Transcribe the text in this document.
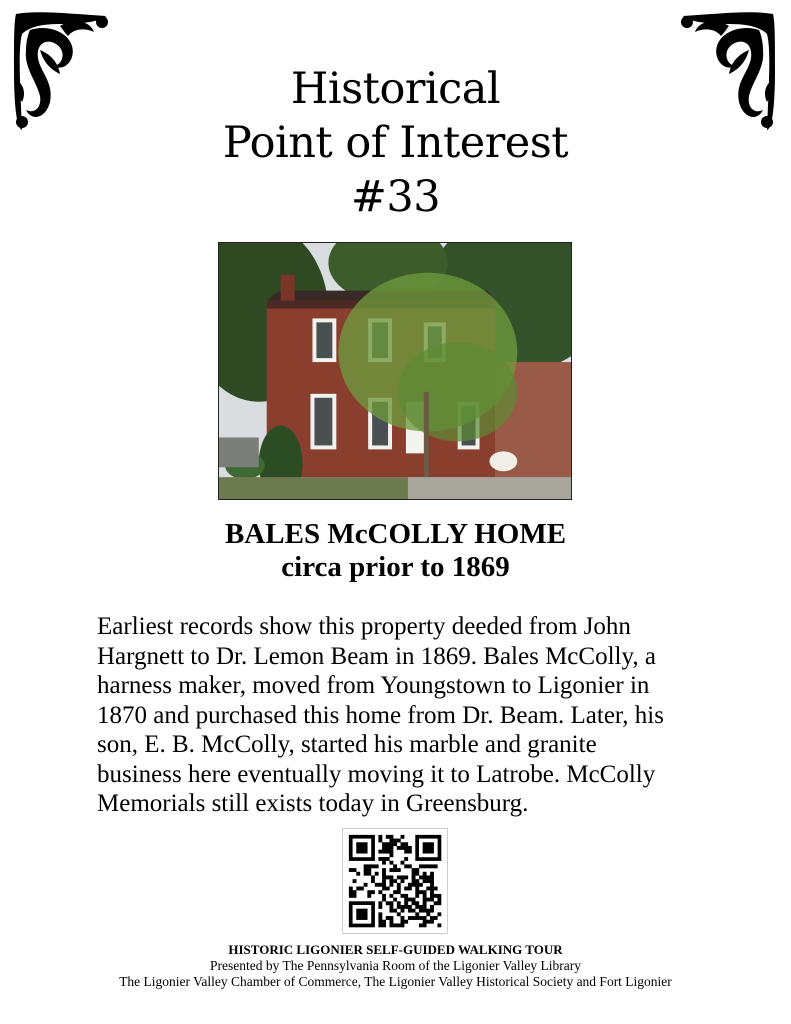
Historical
Point of Interest
#33
BALES McCOLLY HOME
circa prior to 1869
Earliest records show this property deeded from John
Hargnett to Dr. Lemon Beam in 1869. Bales McColly, a
harness maker, moved from Youngstown to Ligonier in
1870 and purchased this home from Dr. Beam. Later, his
son, E. B. McColly, started his marble and granite
business here eventually moving it to Latrobe. McColly
Memorials still exists today in Greensburg.
HISTORIC LIGONIER SELF-GUIDED WALKING TOUR
Presented by The Pennsylvania Room of the Ligonier Valley Library
The Ligonier Valley Chamber of Commerce, The Ligonier Valley Historical Society and Fort Ligonier
